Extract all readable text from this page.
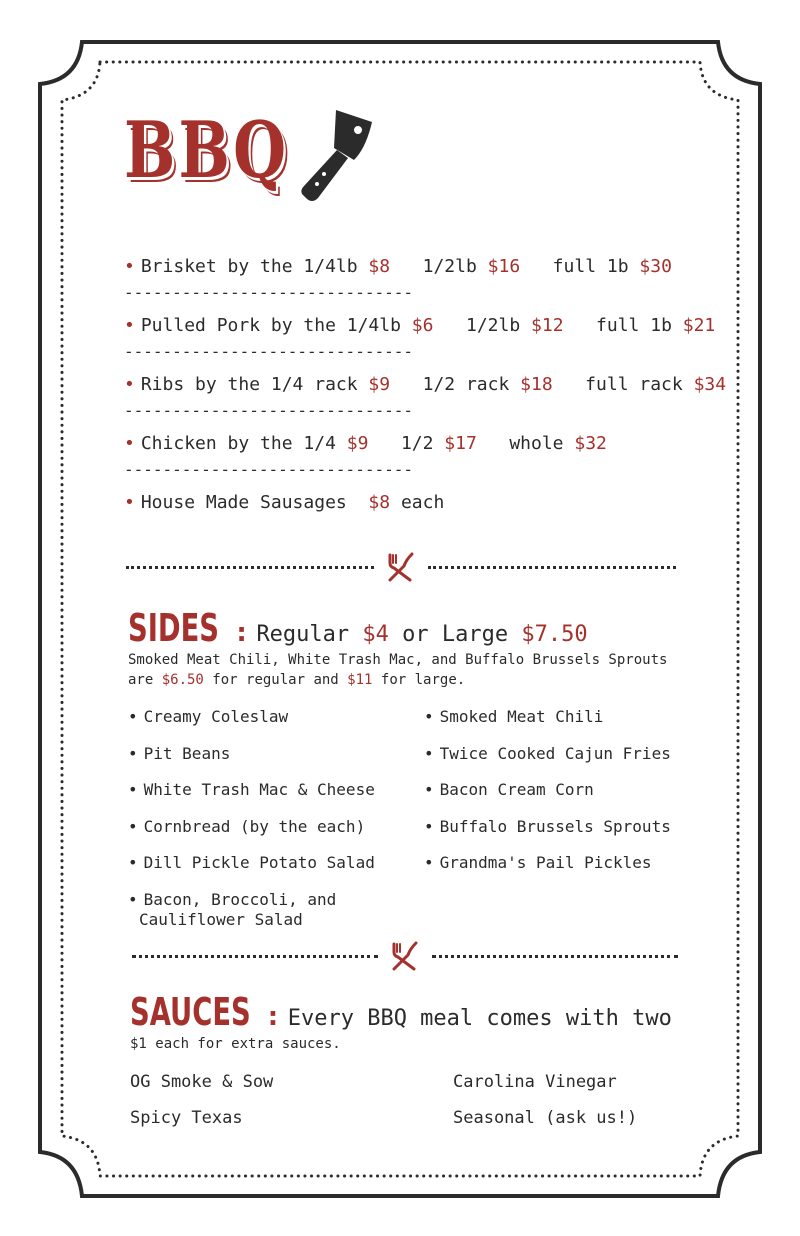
BBQ
• Brisket by the 1/4lb $8   1/2lb $16   full 1b $30
------------------------------
• Pulled Pork by the 1/4lb $6   1/2lb $12   full 1b $21
------------------------------
• Ribs by the 1/4 rack $9   1/2 rack $18   full rack $34
------------------------------
• Chicken by the 1/4 $9   1/2 $17   whole $32
------------------------------
• House Made Sausages  $8 each
SIDES : Regular $4 or Large $7.50
Smoked Meat Chili, White Trash Mac, and Buffalo Brussels Sprouts
are $6.50 for regular and $11 for large.
• Creamy Coleslaw
• Pit Beans
• White Trash Mac & Cheese
• Cornbread (by the each)
• Dill Pickle Potato Salad
• Bacon, Broccoli, and
Cauliflower Salad
• Smoked Meat Chili
• Twice Cooked Cajun Fries
• Bacon Cream Corn
• Buffalo Brussels Sprouts
• Grandma's Pail Pickles
SAUCES : Every BBQ meal comes with two
$1 each for extra sauces.
OG Smoke & Sow
Spicy Texas
Carolina Vinegar
Seasonal (ask us!)
